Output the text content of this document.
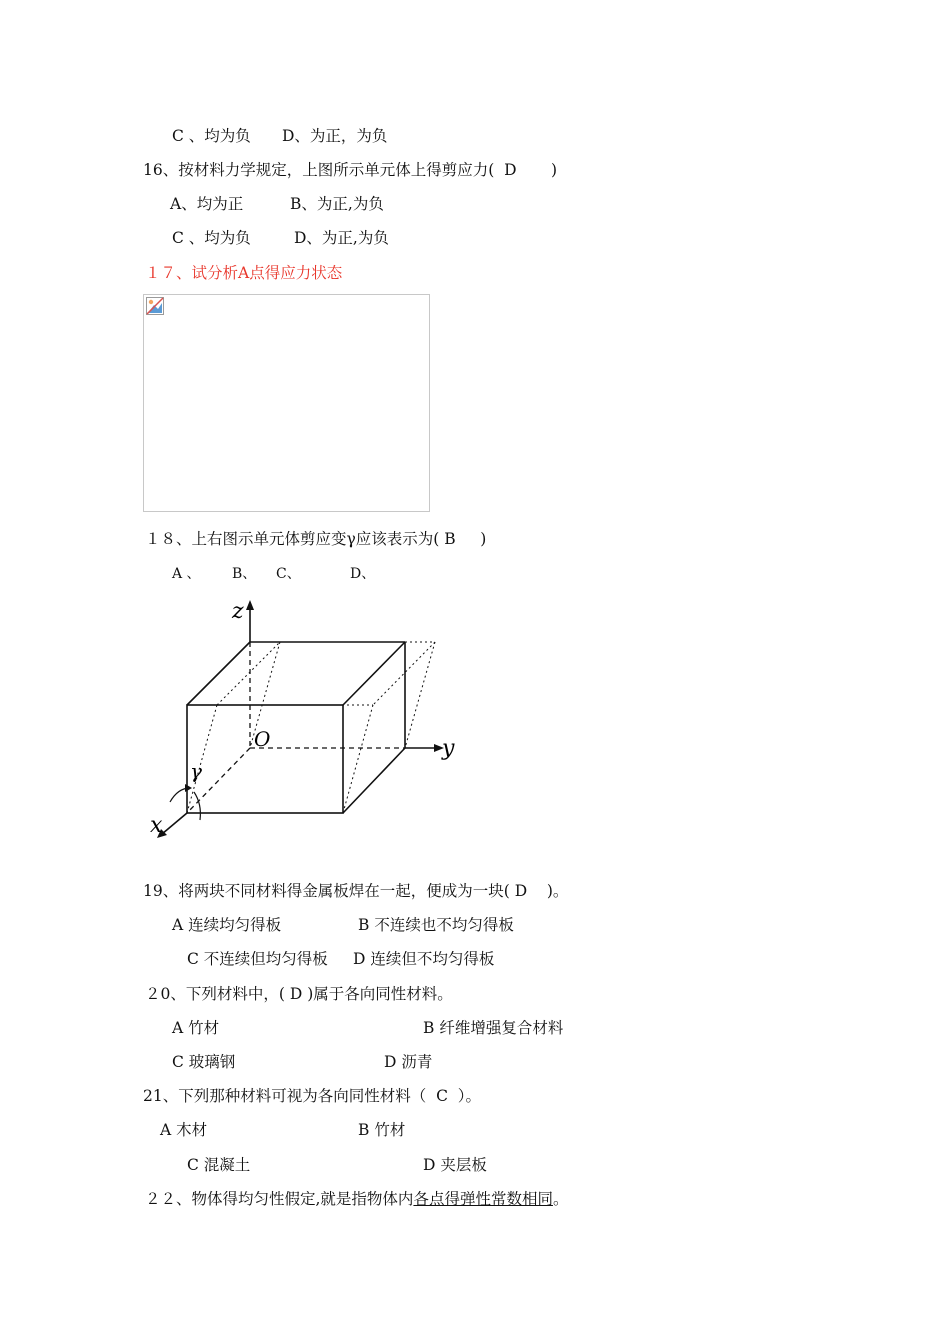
C 、均为负 D、为正，为负
16、按材料力学规定，上图所示单元体上得剪应力(  D       )
A、均为正	B、为正,为负
C 、均为负	D、为正,为负
１７、试分析A点得应力状态
１８、上右图示单元体剪应变γ应该表示为( B     )
A 、 B、 C、	D、
z
O	y
x
γ
19、将两块不同材料得金属板焊在一起，便成为一块( D    )。
A 连续均匀得板	B 不连续也不均匀得板
C 不连续但均匀得板 D 连续但不均匀得板
２0、下列材料中，( D )属于各向同性材料。
A 竹材	B 纤维增强复合材料
C 玻璃钢	D 沥青
21、下列那种材料可视为各向同性材料（  C  ）。
A 木材	B 竹材
C 混凝土	D 夹层板
２２、物体得均匀性假定,就是指物体内各点得弹性常数相同。
